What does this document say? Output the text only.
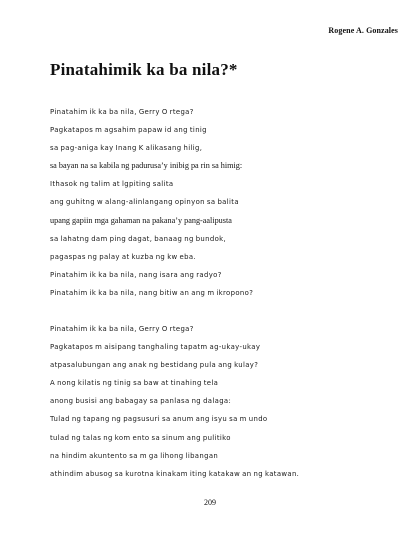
Rogene A. Gonzales
Pinatahimik ka ba nila?*
Pinatahim ik ka ba nila, Gerry O rtega?
Pagkatapos m agsahim papaw id ang tinig
sa pag-aniga kay Inang K alikasang hilig,
sa bayan na sa kabila ng padurusa’y inibig pa rin sa himig:
Ithasok ng talim at lgpiting salita
ang guhitng w alang-alinlangang opinyon sa balita
upang gapiin mga gahaman na pakana’y pang-aalipusta
sa lahatng dam ping dagat, banaag ng bundok,
pagaspas ng palay at kuzba ng kw eba.
Pinatahim ik ka ba nila, nang isara ang radyo?
Pinatahim ik ka ba nila, nang bitiw an ang m ikropono?
Pinatahim ik ka ba nila, Gerry O rtega?
Pagkatapos m aisipang tanghaling tapatm ag-ukay-ukay
atpasalubungan ang anak ng bestidang pula ang kulay?
A nong kilatis ng tinig sa baw at tinahing tela
anong busisi ang babagay sa panlasa ng dalaga:
Tulad ng tapang ng pagsusuri sa anum ang isyu sa m undo
tulad ng talas ng kom ento sa sinum ang pulitiko
na hindim akuntento sa m ga lihong libangan
athindim abusog sa kurotna kinakam iting katakaw an ng katawan.
209
